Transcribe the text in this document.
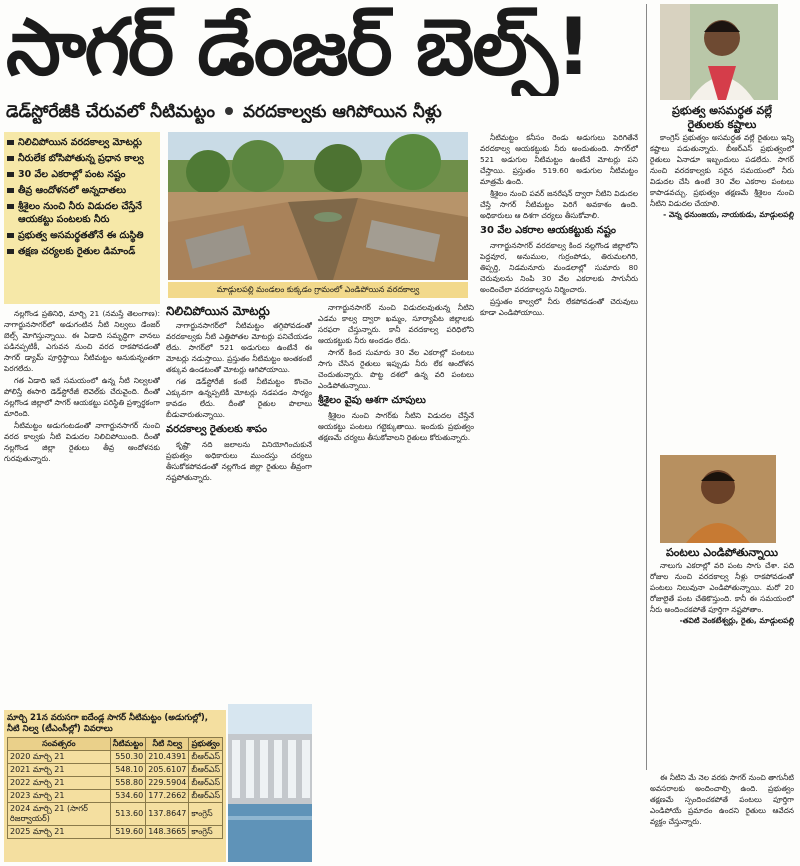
సాగర్ డేంజర్ బెల్స్!
డెడ్‌స్టోరేజీకి చేరువలో నీటిమట్టం వరదకాల్వకు ఆగిపోయిన నీళ్లు
నిలిచిపోయిన వరదకాల్వ మోటర్లు
నీరులేక బోసిపోతున్న ప్రధాన కాల్వ
30 వేల ఎకరాల్లో పంట నష్టం
తీవ్ర ఆందోళనలో అన్నదాతలు
శ్రీశైలం నుంచి నీరు విడుదల చేస్తేనే ఆయకట్టు పంటలకు నీరు
ప్రభుత్వ అసమర్థతతోనే ఈ దుస్థితి
తక్షణ చర్యలకు రైతుల డిమాండ్
మాడ్గులపల్లి మండలం కుక్కడం గ్రామంలో ఎండిపోయిన వరదకాల్వ

నల్లగొండ ప్రతినిధి, మార్చి 21 (నమస్తే తెలంగాణ): నాగార్జునసాగర్‌లో అడుగంటిన నీటి నిల్వలు డేంజర్ బెల్స్ మోగిస్తున్నాయి. ఈ ఏడాది సమృద్ధిగా వానలు పడినప్పటికీ, ఎగువన నుంచి వరద రాకపోవడంతో సాగర్ డ్యామ్ పూర్తిస్థాయి నీటిమట్టం అనుకున్నంతగా పెరగలేదు.

గత ఏడాది ఇదే సమయంలో ఉన్న నీటి నిల్వలతో పోలిస్తే ఈసారి డెడ్‌స్టోరేజీ లెవెల్‌కు చేరువైంది. దీంతో నల్లగొండ జిల్లాలో సాగర్ ఆయకట్టు పరిస్థితి ప్రశ్నార్థకంగా మారింది.

నీటిమట్టం అడుగంటడంతో నాగార్జునసాగర్ నుంచి వరద కాల్వకు నీటి విడుదల నిలిచిపోయింది. దీంతో నల్లగొండ జిల్లా రైతులు తీవ్ర ఆందోళనకు గురవుతున్నారు.

నిలిచిపోయిన మోటర్లు

నాగార్జునసాగర్‌లో నీటిమట్టం తగ్గిపోవడంతో వరదకాల్వకు నీటి ఎత్తిపోతల మోటర్లు పనిచేయడం లేదు. సాగర్‌లో 521 అడుగులు ఉంటేనే ఈ మోటర్లు నడుస్తాయి. ప్రస్తుతం నీటిమట్టం అంతకంటే తక్కువ ఉండటంతో మోటర్లు ఆగిపోయాయి.

గత డెడ్‌స్టోరేజీ కంటే నీటిమట్టం కొంచెం ఎక్కువగా ఉన్నప్పటికీ మోటర్లు నడపడం సాధ్యం కావడం లేదు. దీంతో రైతుల పొలాలు బీడువారుతున్నాయి.

వరదకాల్వ రైతులకు శాపం

కృష్ణా నది జలాలను వినియోగించుకునే ప్రభుత్వం అధికారులు ముందస్తు చర్యలు తీసుకోకపోవడంతో నల్లగొండ జిల్లా రైతులు తీవ్రంగా నష్టపోతున్నారు.

నాగార్జునసాగర్ నుంచి విడుదలవుతున్న నీటిని ఎడమ కాల్వ ద్వారా ఖమ్మం, సూర్యాపేట జిల్లాలకు సరఫరా చేస్తున్నారు. కానీ వరదకాల్వ పరిధిలోని ఆయకట్టుకు నీరు అందడం లేదు.

సాగర్ కింద సుమారు 30 వేల ఎకరాల్లో పంటలు సాగు చేసిన రైతులు ఇప్పుడు నీరు లేక ఆందోళన చెందుతున్నారు. పొట్ట దశలో ఉన్న వరి పంటలు ఎండిపోతున్నాయి.

శ్రీశైలం వైపు ఆశగా చూపులు

శ్రీశైలం నుంచి సాగర్‌కు నీటిని విడుదల చేస్తేనే ఆయకట్టు పంటలు గట్టెక్కుతాయి. ఇందుకు ప్రభుత్వం తక్షణమే చర్యలు తీసుకోవాలని రైతులు కోరుతున్నారు.

నీటిమట్టం కనీసం రెండు అడుగులు పెరిగితేనే వరదకాల్వ ఆయకట్టుకు నీరు అందుతుంది. సాగర్‌లో 521 అడుగుల నీటిమట్టం ఉంటేనే మోటర్లు పని చేస్తాయి. ప్రస్తుతం 519.60 అడుగుల నీటిమట్టం మాత్రమే ఉంది.

శ్రీశైలం నుంచి పవర్ జనరేషన్ ద్వారా నీటిని విడుదల చేస్తే సాగర్ నీటిమట్టం పెరిగే అవకాశం ఉంది. అధికారులు ఆ దిశగా చర్యలు తీసుకోవాలి.

30 వేల ఎకరాల ఆయకట్టుకు నష్టం

నాగార్జునసాగర్ వరదకాల్వ కింద నల్లగొండ జిల్లాలోని పెద్దవూర, అనుముల, గుర్రంపోడు, తిరుమలగిరి, తిప్పర్తి, నిడమనూరు మండలాల్లో సుమారు 80 చెరువులను నింపి 30 వేల ఎకరాలకు సాగునీరు అందించేలా వరదకాల్వను నిర్మించారు.

ప్రస్తుతం కాల్వలో నీరు లేకపోవడంతో చెరువులు కూడా ఎండిపోయాయి.

మార్చి 21న వరుసగా ఐదేండ్ల సాగర్ నీటిమట్టం (అడుగుల్లో), నీటి నిల్వ (టీఎంసీల్లో) వివరాలు
సంవత్సరం	నీటిమట్టం	నీటి నిల్వ	ప్రభుత్వం
2020 మార్చి 21	550.30	210.4391	బీఆర్ఎస్
2021 మార్చి 21	548.10	205.6107	బీఆర్ఎస్
2022 మార్చి 21	558.80	229.5904	బీఆర్ఎస్
2023 మార్చి 21	534.60	177.2662	బీఆర్ఎస్
2024 మార్చి 21 (సాగర్ రిజర్వాయర్)	513.60	137.8647	కాంగ్రెస్
2025 మార్చి 21	519.60	148.3665	కాంగ్రెస్
ప్రభుత్వ అసమర్థత వల్లే
రైతులకు కష్టాలు

కాంగ్రెస్ ప్రభుత్వం అసమర్థత వల్లే రైతులు ఇన్ని కష్టాలు పడుతున్నారు. బీఆర్‌ఎస్ ప్రభుత్వంలో రైతులు ఏనాడూ ఇబ్బందులు పడలేదు. సాగర్ నుంచి వరదకాల్వకు సరైన సమయంలో నీరు విడుదల చేసి ఉంటే 30 వేల ఎకరాల పంటలు కాపాడవచ్చు. ప్రభుత్వం తక్షణమే శ్రీశైలం నుంచి నీటిని విడుదల చేయాలి.

- వెన్న ధనుంజయ, నాయకుడు, మాడ్గులపల్లి
పంటలు ఎండిపోతున్నాయి

నాలుగు ఎకరాల్లో వరి పంట సాగు చేశా. పది రోజుల నుంచి వరదకాల్వ నీళ్లు రాకపోవడంతో పంటలు నిలువునా ఎండిపోతున్నాయి. మరో 20 రోజులైతే పంట చేతికొస్తుంది. కానీ ఈ సమయంలో నీరు అందించకపోతే పూర్తిగా నష్టపోతాం.

-తవిటి వెంకటేశ్వర్లు, రైతు, మాడ్గులపల్లి

ఈ నీటిని మే నెల వరకు సాగర్ నుంచి తాగునీటి అవసరాలకు అందించాల్సి ఉంది. ప్రభుత్వం తక్షణమే స్పందించకపోతే పంటలు పూర్తిగా ఎండిపోయే ప్రమాదం ఉందని రైతులు ఆవేదన వ్యక్తం చేస్తున్నారు.
